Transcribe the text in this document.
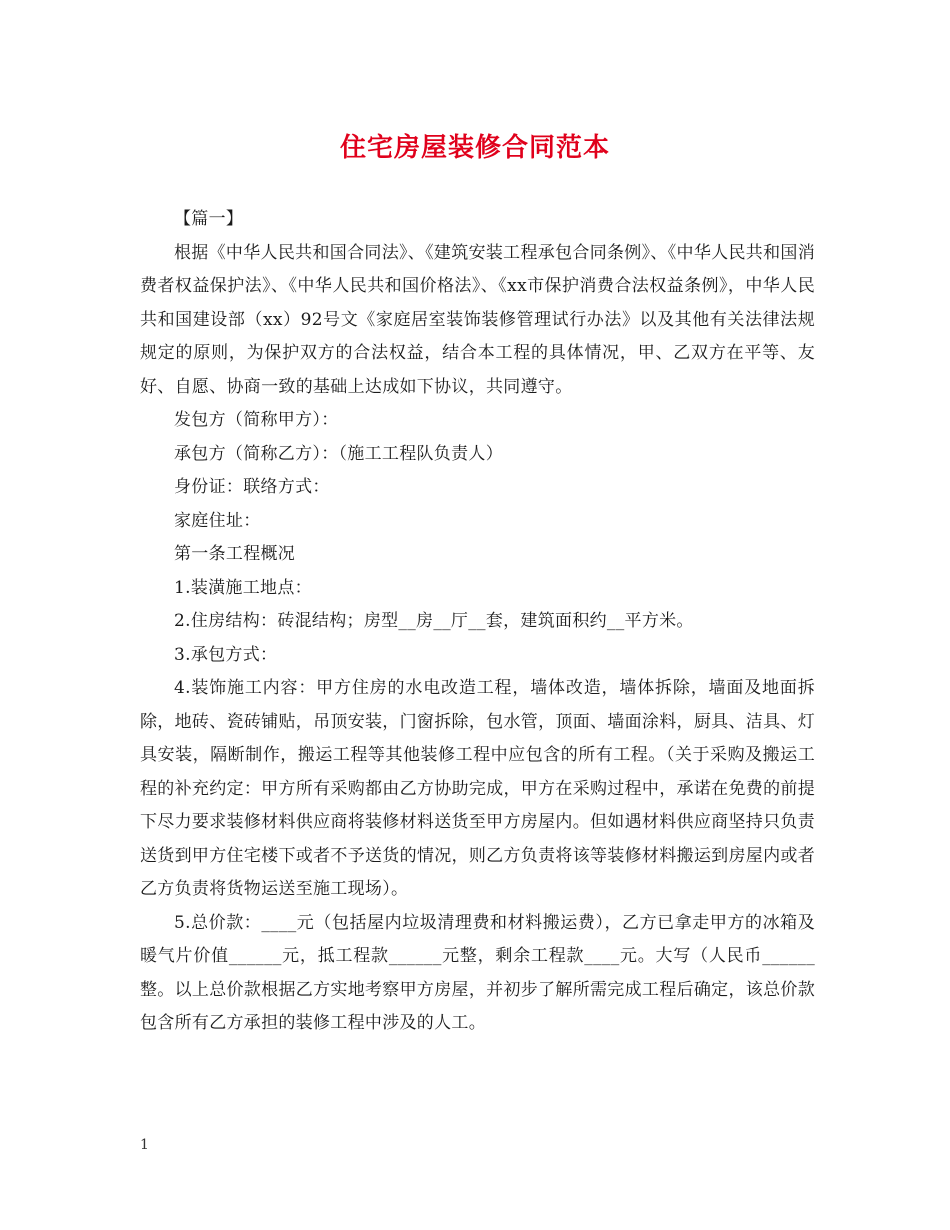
住宅房屋装修合同范本

【篇一】

根据《中华人民共和国合同法》、《建筑安装工程承包合同条例》、《中华人民共和国消费者权益保护法》、《中华人民共和国价格法》、《xx市保护消费合法权益条例》，中华人民共和国建设部（xx）92号文《家庭居室装饰装修管理试行办法》以及其他有关法律法规规定的原则，为保护双方的合法权益，结合本工程的具体情况，甲、乙双方在平等、友好、自愿、协商一致的基础上达成如下协议，共同遵守。

发包方（简称甲方）：

承包方（简称乙方）：（施工工程队负责人）

身份证：联络方式：

家庭住址：

第一条工程概况

1.装潢施工地点：

2.住房结构：砖混结构；房型__房__厅__套，建筑面积约__平方米。

3.承包方式：

4.装饰施工内容：甲方住房的水电改造工程，墙体改造，墙体拆除，墙面及地面拆除，地砖、瓷砖铺贴，吊顶安装，门窗拆除，包水管，顶面、墙面涂料，厨具、洁具、灯具安装，隔断制作，搬运工程等其他装修工程中应包含的所有工程。（关于采购及搬运工程的补充约定：甲方所有采购都由乙方协助完成，甲方在采购过程中，承诺在免费的前提下尽力要求装修材料供应商将装修材料送货至甲方房屋内。但如遇材料供应商坚持只负责送货到甲方住宅楼下或者不予送货的情况，则乙方负责将该等装修材料搬运到房屋内或者乙方负责将货物运送至施工现场）。

5.总价款：____元（包括屋内垃圾清理费和材料搬运费），乙方已拿走甲方的冰箱及暖气片价值______元，抵工程款______元整，剩余工程款____元。大写（人民币______整。以上总价款根据乙方实地考察甲方房屋，并初步了解所需完成工程后确定，该总价款包含所有乙方承担的装修工程中涉及的人工。

1
